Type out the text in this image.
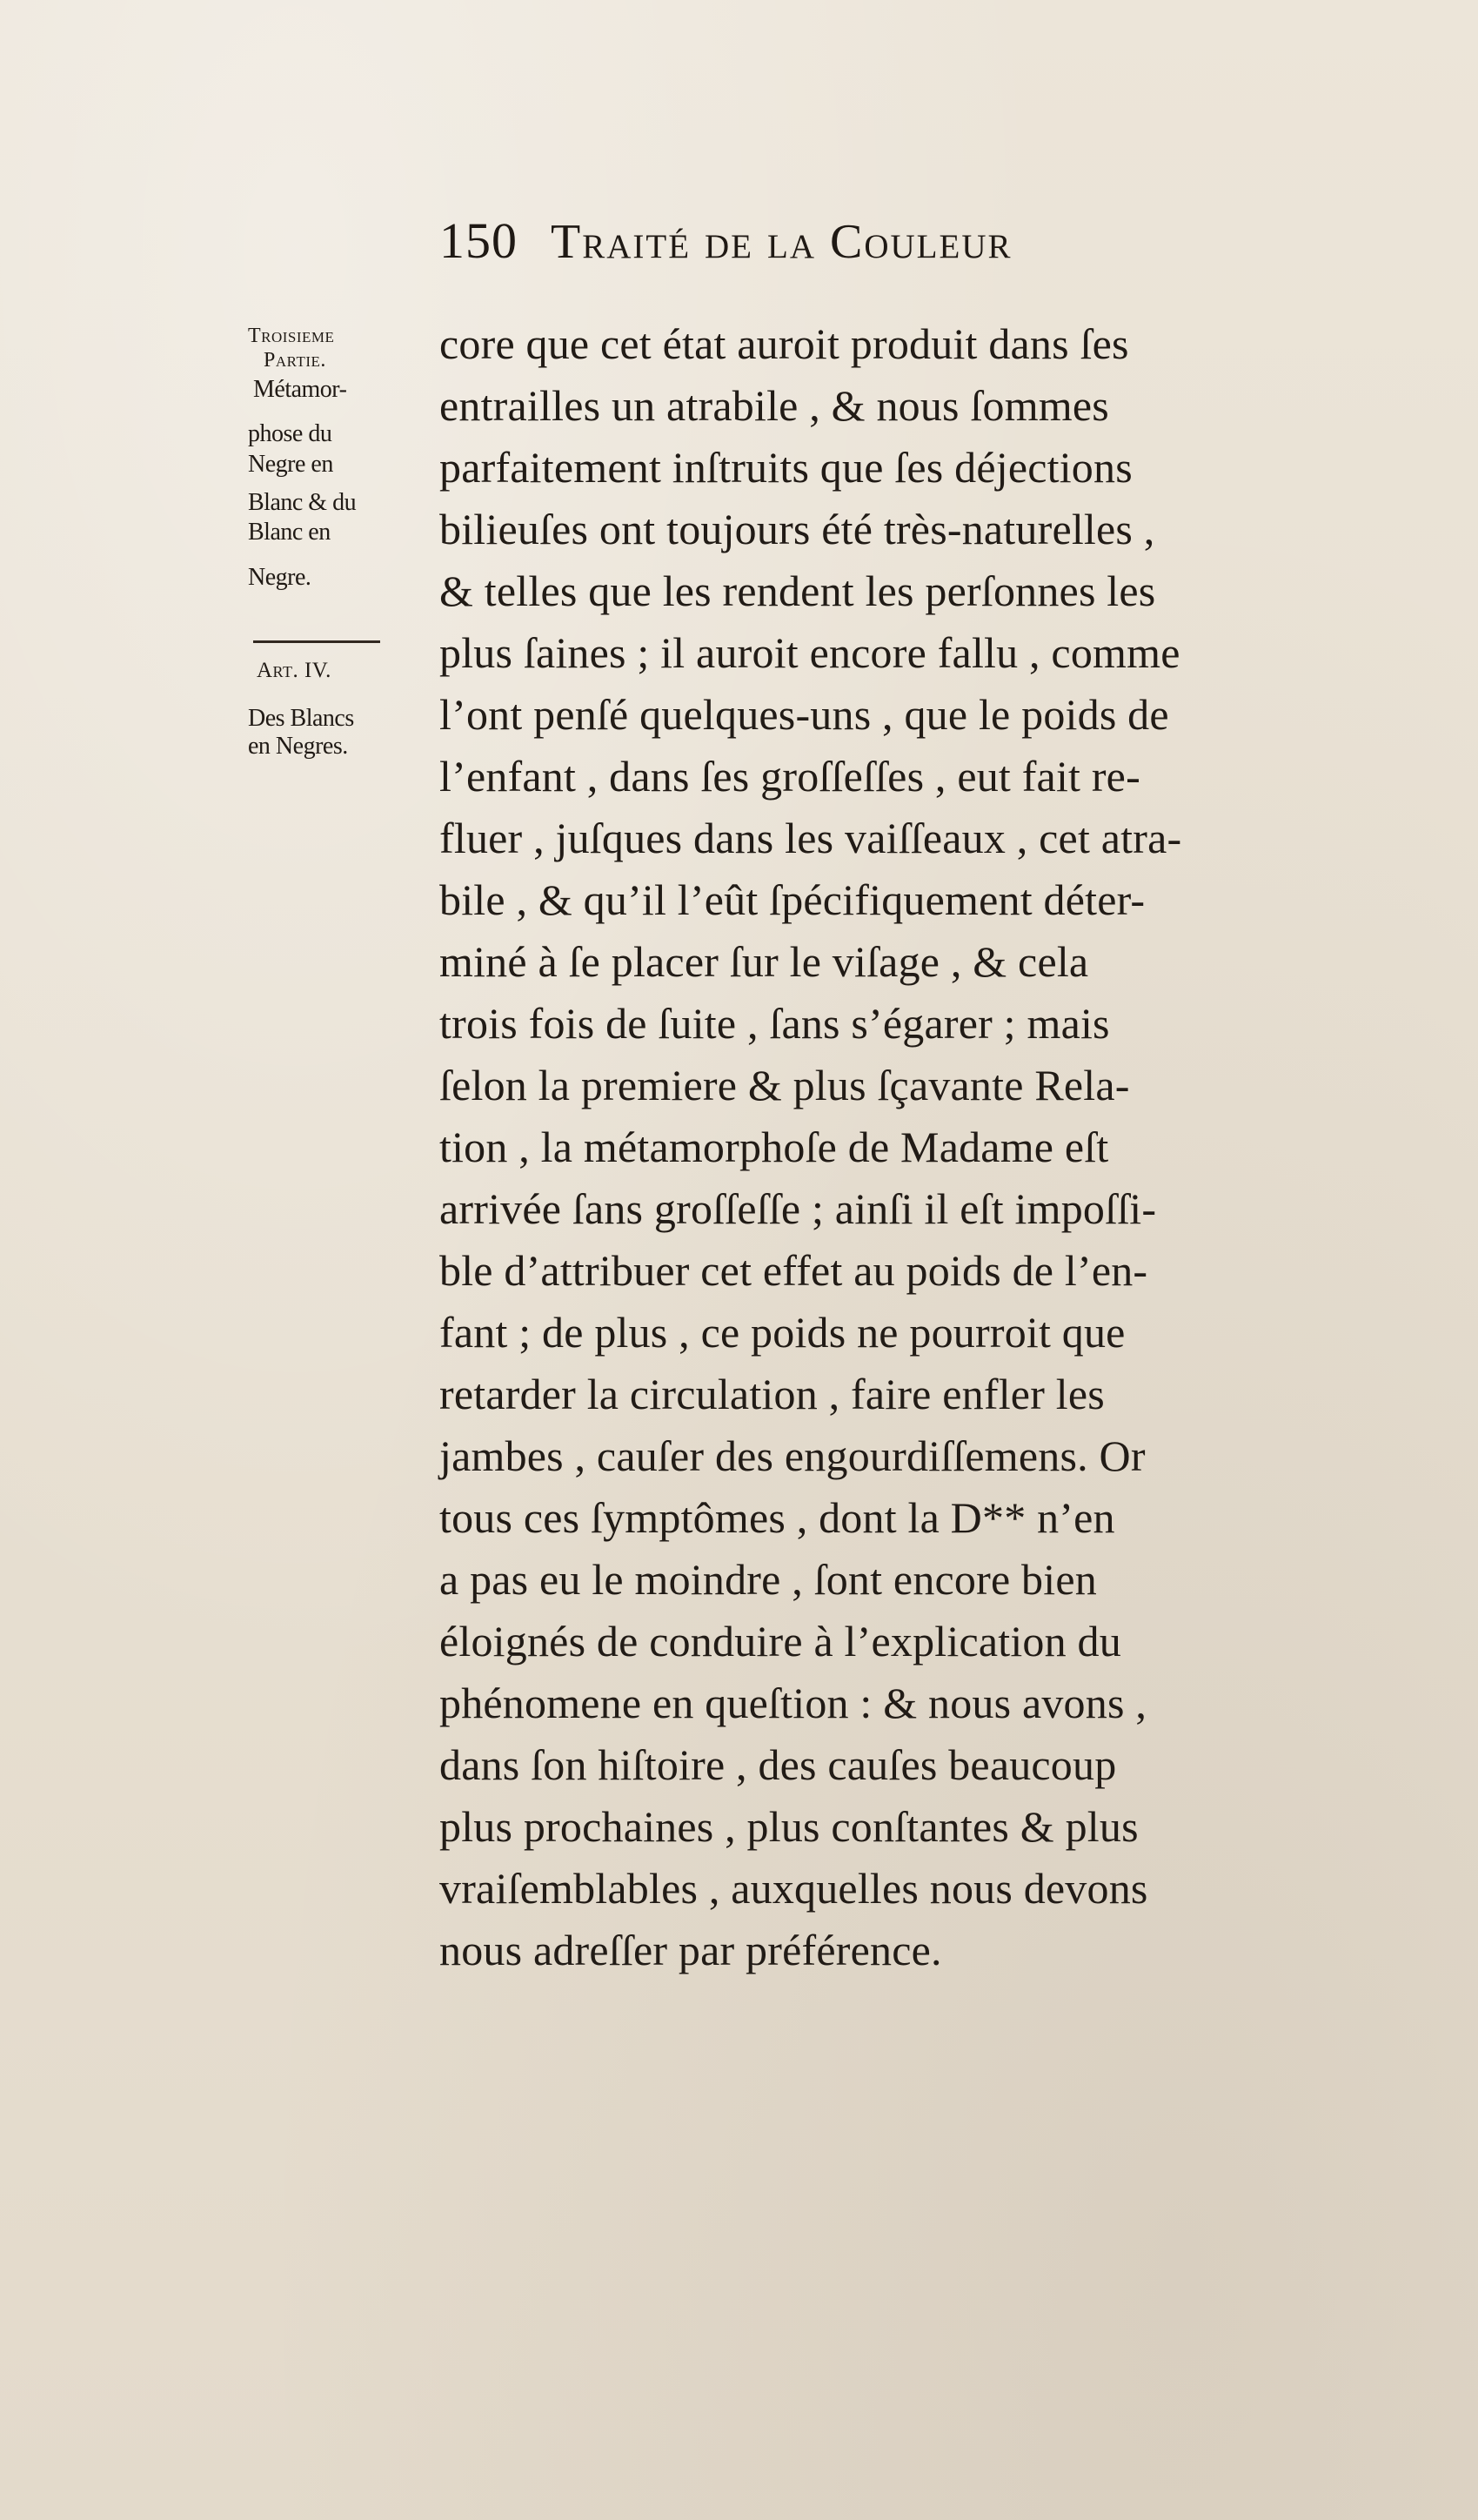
150 Traité de la Couleur
Troisieme
Partie.
Métamor-
phose du
Negre en
Blanc & du
Blanc en
Negre.
Art. IV.
Des Blancs
en Negres.
core que cet état auroit produit dans ſes
entrailles un atrabile , & nous ſommes
parfaitement inſtruits que ſes déjections
bilieuſes ont toujours été très-naturelles ,
& telles que les rendent les perſonnes les
plus ſaines ; il auroit encore fallu , comme
l’ont penſé quelques-uns , que le poids de
l’enfant , dans ſes groſſeſſes , eut fait re-
fluer , juſques dans les vaiſſeaux , cet atra-
bile , & qu’il l’eût ſpécifiquement déter-
miné à ſe placer ſur le viſage , & cela
trois fois de ſuite , ſans s’égarer ; mais
ſelon la premiere & plus ſçavante Rela-
tion , la métamorphoſe de Madame eſt
arrivée ſans groſſeſſe ; ainſi il eſt impoſſi-
ble d’attribuer cet effet au poids de l’en-
fant ; de plus , ce poids ne pourroit que
retarder la circulation , faire enfler les
jambes , cauſer des engourdiſſemens. Or
tous ces ſymptômes , dont la D** n’en
a pas eu le moindre , ſont encore bien
éloignés de conduire à l’explication du
phénomene en queſtion : & nous avons ,
dans ſon hiſtoire , des cauſes beaucoup
plus prochaines , plus conſtantes & plus
vraiſemblables , auxquelles nous devons
nous adreſſer par préférence.
